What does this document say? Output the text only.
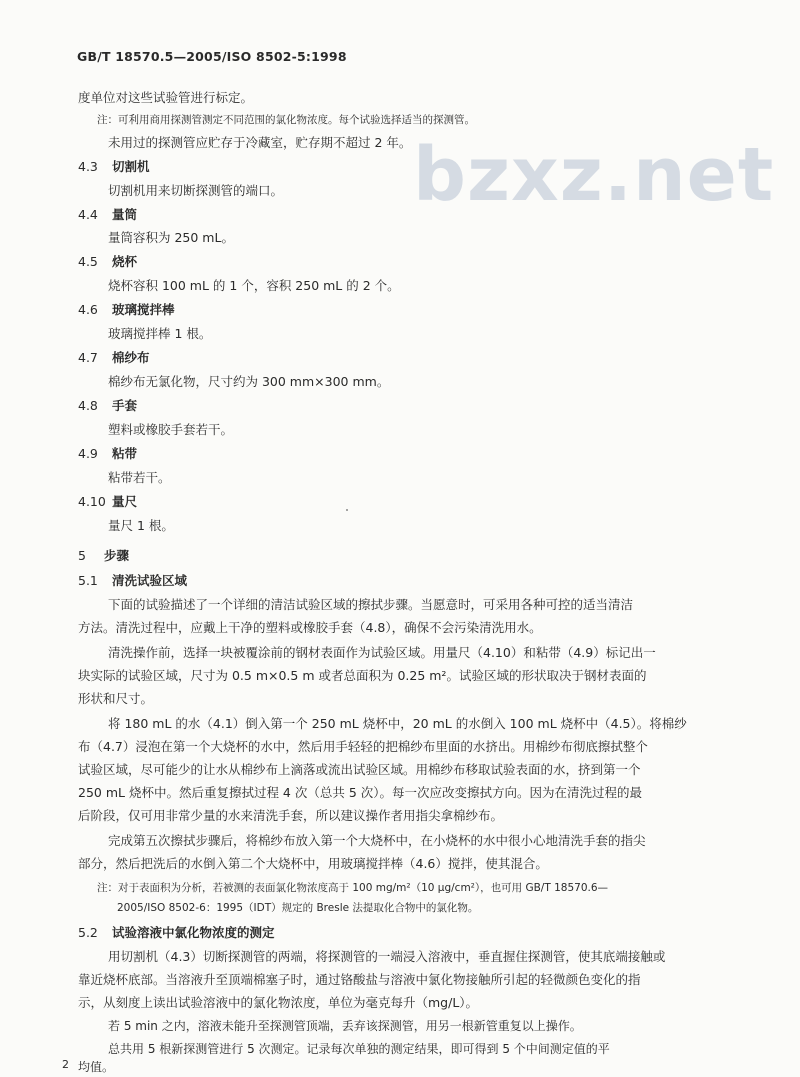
GB/T 18570.5—2005/ISO 8502-5:1998
bzxz.net
度单位对这些试验管进行标定。
注：可利用商用探测管测定不同范围的氯化物浓度。每个试验选择适当的探测管。
未用过的探测管应贮存于冷藏室，贮存期不超过 2 年。
4.3 切割机
切割机用来切断探测管的端口。
4.4 量筒
量筒容积为 250 mL。
4.5 烧杯
烧杯容积 100 mL 的 1 个，容积 250 mL 的 2 个。
4.6 玻璃搅拌棒
玻璃搅拌棒 1 根。
4.7 棉纱布
棉纱布无氯化物，尺寸约为 300 mm×300 mm。
4.8 手套
塑料或橡胶手套若干。
4.9 粘带
粘带若干。
4.10 量尺
量尺 1 根。
5 步骤
5.1 清洗试验区域
下面的试验描述了一个详细的清洁试验区域的擦拭步骤。当愿意时，可采用各种可控的适当清洁
方法。清洗过程中，应戴上干净的塑料或橡胶手套（4.8），确保不会污染清洗用水。
清洗操作前，选择一块被覆涂前的钢材表面作为试验区域。用量尺（4.10）和粘带（4.9）标记出一
块实际的试验区域，尺寸为 0.5 m×0.5 m 或者总面积为 0.25 m²。试验区域的形状取决于钢材表面的
形状和尺寸。
将 180 mL 的水（4.1）倒入第一个 250 mL 烧杯中，20 mL 的水倒入 100 mL 烧杯中（4.5）。将棉纱
布（4.7）浸泡在第一个大烧杯的水中，然后用手轻轻的把棉纱布里面的水挤出。用棉纱布彻底擦拭整个
试验区域，尽可能少的让水从棉纱布上滴落或流出试验区域。用棉纱布移取试验表面的水，挤到第一个
250 mL 烧杯中。然后重复擦拭过程 4 次（总共 5 次）。每一次应改变擦拭方向。因为在清洗过程的最
后阶段，仅可用非常少量的水来清洗手套，所以建议操作者用指尖拿棉纱布。
完成第五次擦拭步骤后，将棉纱布放入第一个大烧杯中，在小烧杯的水中很小心地清洗手套的指尖
部分，然后把洗后的水倒入第二个大烧杯中，用玻璃搅拌棒（4.6）搅拌，使其混合。
注：对于表面积为分析，若被测的表面氯化物浓度高于 100 mg/m²（10 μg/cm²），也可用 GB/T 18570.6—
2005/ISO 8502-6：1995（IDT）规定的 Bresle 法提取化合物中的氯化物。
5.2 试验溶液中氯化物浓度的测定
用切割机（4.3）切断探测管的两端，将探测管的一端浸入溶液中，垂直握住探测管，使其底端接触或
靠近烧杯底部。当溶液升至顶端棉塞子时，通过铬酸盐与溶液中氯化物接触所引起的轻微颜色变化的指
示，从刻度上读出试验溶液中的氯化物浓度，单位为毫克每升（mg/L）。
若 5 min 之内，溶液未能升至探测管顶端，丢弃该探测管，用另一根新管重复以上操作。
总共用 5 根新探测管进行 5 次测定。记录每次单独的测定结果，即可得到 5 个中间测定值的平
均值。
2
